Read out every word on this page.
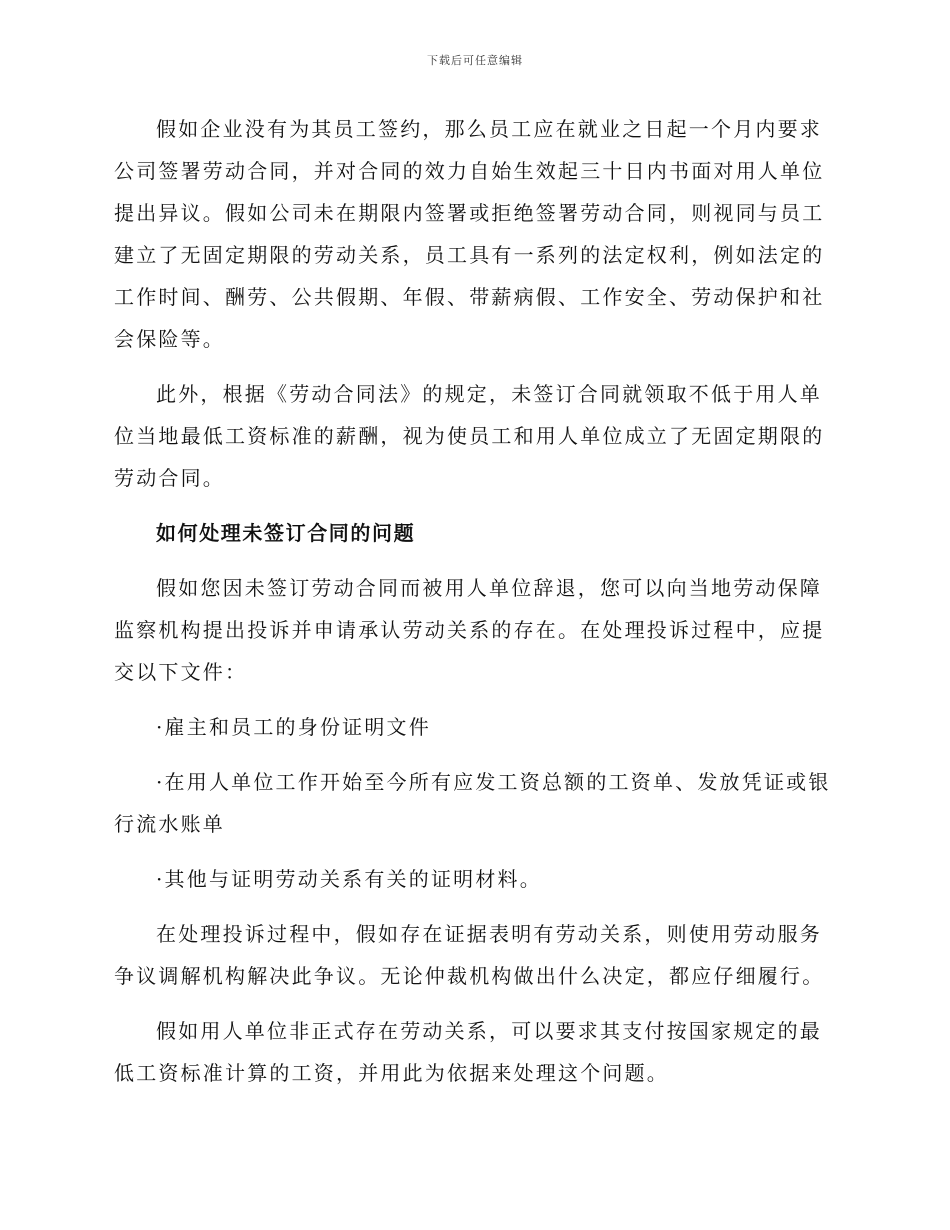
下载后可任意编辑

假如企业没有为其员工签约，那么员工应在就业之日起一个月内要求公司签署劳动合同，并对合同的效力自始生效起三十日内书面对用人单位提出异议。假如公司未在期限内签署或拒绝签署劳动合同，则视同与员工建立了无固定期限的劳动关系，员工具有一系列的法定权利，例如法定的工作时间、酬劳、公共假期、年假、带薪病假、工作安全、劳动保护和社会保险等。

此外，根据《劳动合同法》的规定，未签订合同就领取不低于用人单位当地最低工资标准的薪酬，视为使员工和用人单位成立了无固定期限的劳动合同。

如何处理未签订合同的问题

假如您因未签订劳动合同而被用人单位辞退，您可以向当地劳动保障监察机构提出投诉并申请承认劳动关系的存在。在处理投诉过程中，应提交以下文件：

·雇主和员工的身份证明文件

·在用人单位工作开始至今所有应发工资总额的工资单、发放凭证或银行流水账单

·其他与证明劳动关系有关的证明材料。

在处理投诉过程中，假如存在证据表明有劳动关系，则使用劳动服务争议调解机构解决此争议。无论仲裁机构做出什么决定，都应仔细履行。

假如用人单位非正式存在劳动关系，可以要求其支付按国家规定的最低工资标准计算的工资，并用此为依据来处理这个问题。
